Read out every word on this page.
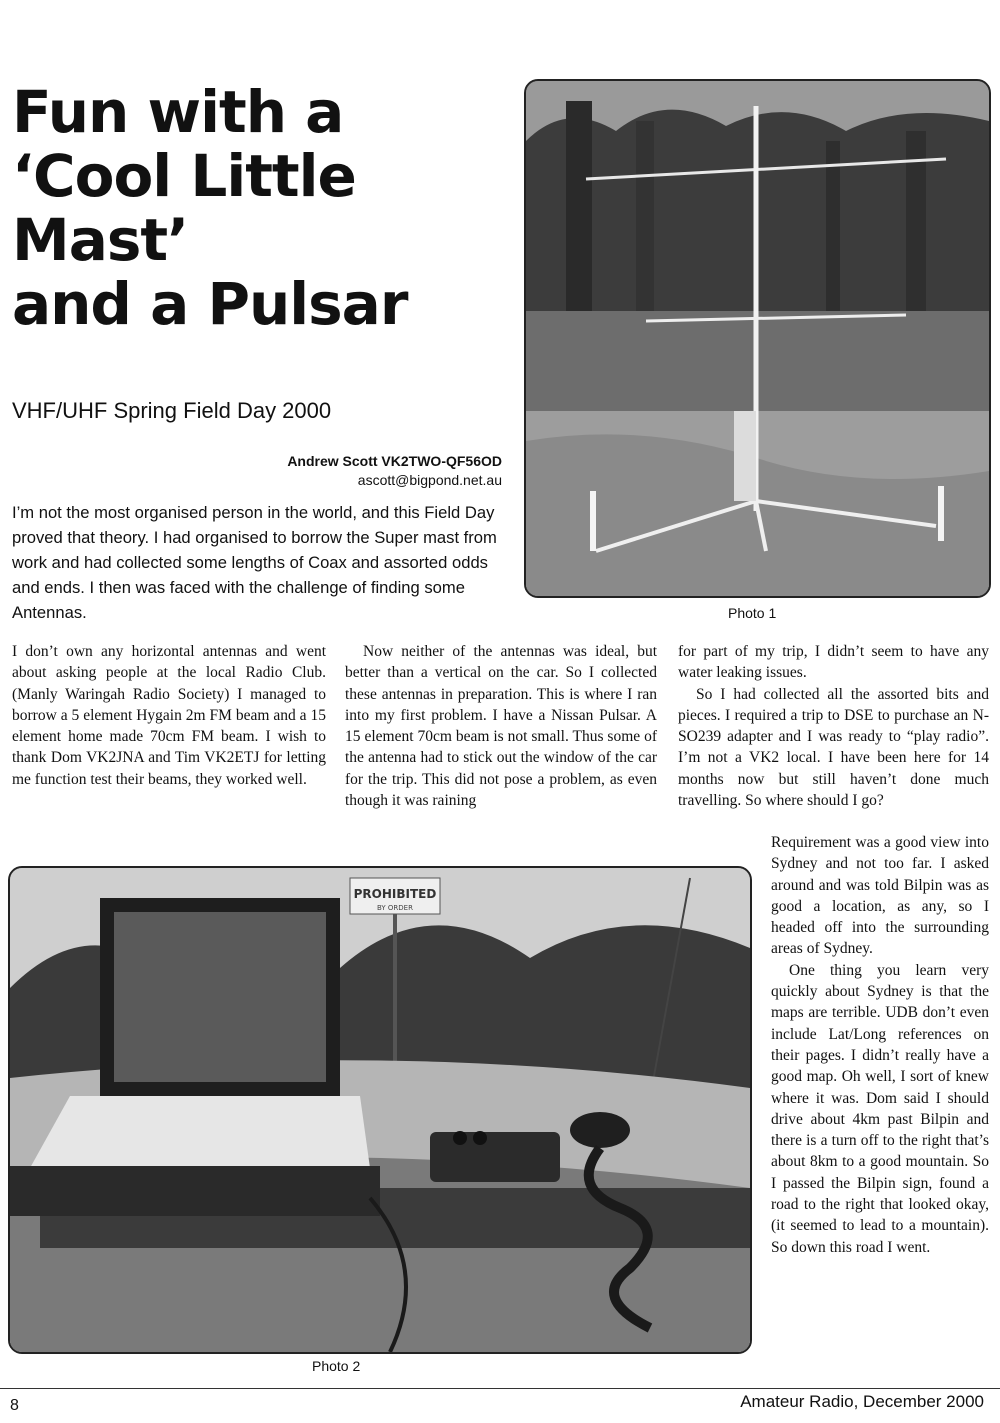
Fun with a
‘Cool Little
Mast’
and a Pulsar
VHF/UHF Spring Field Day 2000
Andrew Scott VK2TWO-QF56OD
ascott@bigpond.net.au

I’m not the most organised person in the world, and this Field Day proved that theory. I had organised to borrow the Super mast from work and had collected some lengths of Coax and assorted odds and ends. I then was faced with the challenge of finding some Antennas.	Photo 1

I don’t own any horizontal antennas and went about asking people at the local Radio Club. (Manly Waringah Radio Society) I managed to borrow a 5 element Hygain 2m FM beam and a 15 element home made 70cm FM beam. I wish to thank Dom VK2JNA and Tim VK2ETJ for letting me function test their beams, they worked well.

Now neither of the antennas was ideal, but better than a vertical on the car. So I collected these antennas in preparation. This is where I ran into my first problem. I have a Nissan Pulsar. A 15 element 70cm beam is not small. Thus some of the antenna had to stick out the window of the car for the trip. This did not pose a problem, as even though it was raining

for part of my trip, I didn’t seem to have any water leaking issues.

So I had collected all the assorted bits and pieces. I required a trip to DSE to purchase an N-SO239 adapter and I was ready to “play radio”. I’m not a VK2 local. I have been here for 14 months now but still haven’t done much travelling. So where should I go?

PROHIBITED
BY ORDER
Photo 2

Requirement was a good view into Sydney and not too far. I asked around and was told Bilpin was as good a location, as any, so I headed off into the surrounding areas of Sydney.

One thing you learn very quickly about Sydney is that the maps are terrible. UDB don’t even include Lat/Long references on their pages. I didn’t really have a good map. Oh well, I sort of knew where it was. Dom said I should drive about 4km past Bilpin and there is a turn off to the right that’s about 8km to a good mountain. So I passed the Bilpin sign, found a road to the right that looked okay, (it seemed to lead to a mountain). So down this road I went.

8	Amateur Radio, December 2000
